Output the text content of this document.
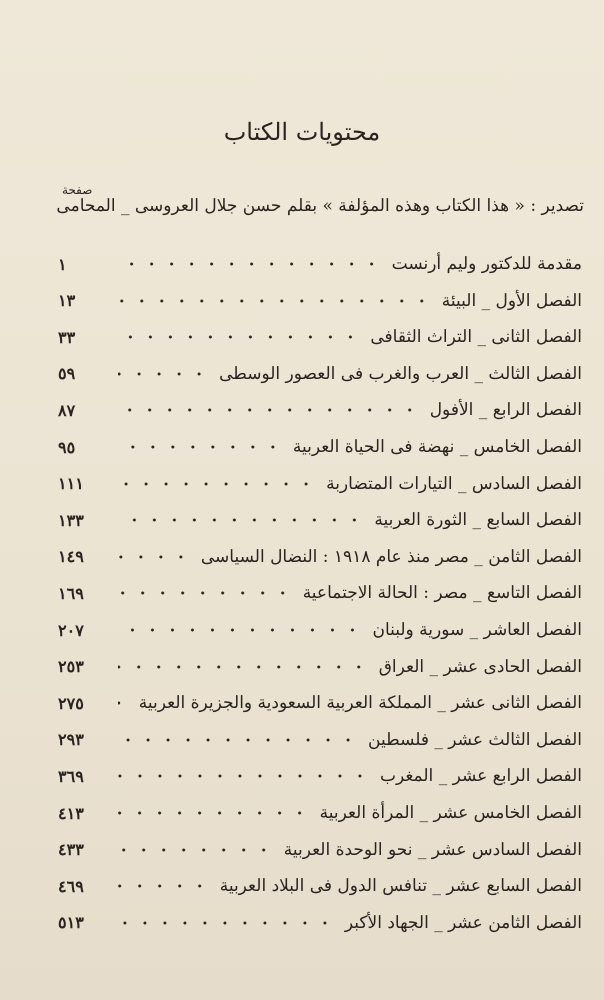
محتويات الكتاب
صفحة
تصدير : « هذا الكتاب وهذه المؤلفة » بقلم حسن جلال العروسى _ المحامى
مقدمة للدكتور وليم أرنست
١
الفصل الأول _ البيئة
١٣
الفصل الثانى _ التراث الثقافى
٣٣
الفصل الثالث _ العرب والغرب فى العصور الوسطى
٥٩
الفصل الرابع _ الأفول
٨٧
الفصل الخامس _ نهضة فى الحياة العربية
٩٥
الفصل السادس _ التيارات المتضاربة
١١١
الفصل السابع _ الثورة العربية
١٣٣
الفصل الثامن _ مصر منذ عام ١٩١٨ : النضال السياسى
١٤٩
الفصل التاسع _ مصر : الحالة الاجتماعية
١٦٩
الفصل العاشر _ سورية ولبنان
٢٠٧
الفصل الحادى عشر _ العراق
٢٥٣
الفصل الثانى عشر _ المملكة العربية السعودية والجزيرة العربية
٢٧٥
الفصل الثالث عشر _ فلسطين
٢٩٣
الفصل الرابع عشر _ المغرب
٣٦٩
الفصل الخامس عشر _ المرأة العربية
٤١٣
الفصل السادس عشر _ نحو الوحدة العربية
٤٣٣
الفصل السابع عشر _ تنافس الدول فى البلاد العربية
٤٦٩
الفصل الثامن عشر _ الجهاد الأكبر
٥١٣
